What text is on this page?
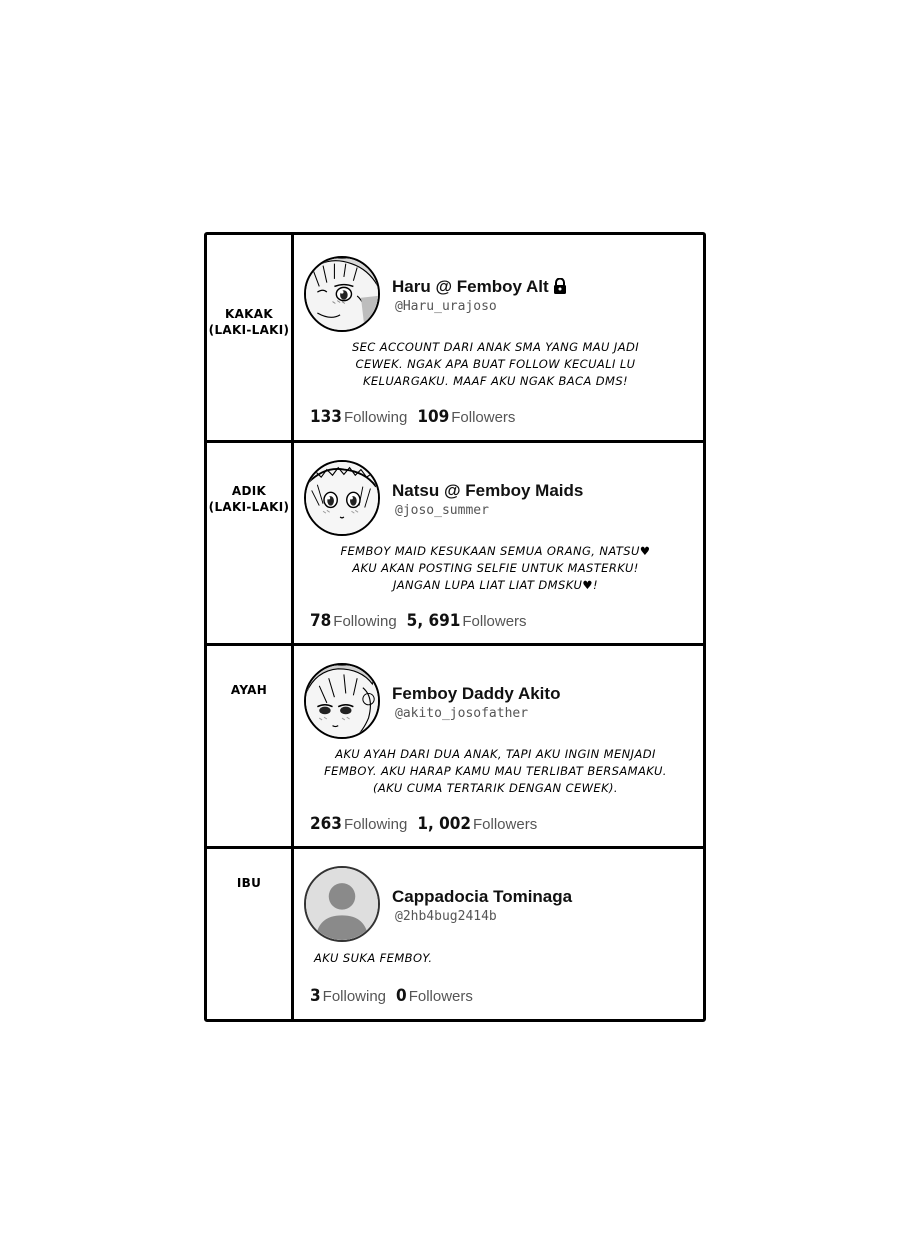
KAKAK
(LAKI-LAKI)
Haru @ Femboy Alt
@Haru_urajoso
SEC ACCOUNT DARI ANAK SMA YANG MAU JADI
CEWEK. NGAK APA BUAT FOLLOW KECUALI LU
KELUARGAKU. MAAF AKU NGAK BACA DMS!
133 Following 109 Followers
ADIK
(LAKI-LAKI)
Natsu @ Femboy Maids
@joso_summer
FEMBOY MAID KESUKAAN SEMUA ORANG, NATSU♥
AKU AKAN POSTING SELFIE UNTUK MASTERKU!
JANGAN LUPA LIAT LIAT DMSKU♥!
78 Following 5, 691 Followers
AYAH	Femboy Daddy Akito
@akito_josofather
AKU AYAH DARI DUA ANAK, TAPI AKU INGIN MENJADI
FEMBOY. AKU HARAP KAMU MAU TERLIBAT BERSAMAKU.
(AKU CUMA TERTARIK DENGAN CEWEK).
263 Following 1, 002 Followers
IBU
Cappadocia Tominaga
@2hb4bug2414b
AKU SUKA FEMBOY.
3 Following 0 Followers
